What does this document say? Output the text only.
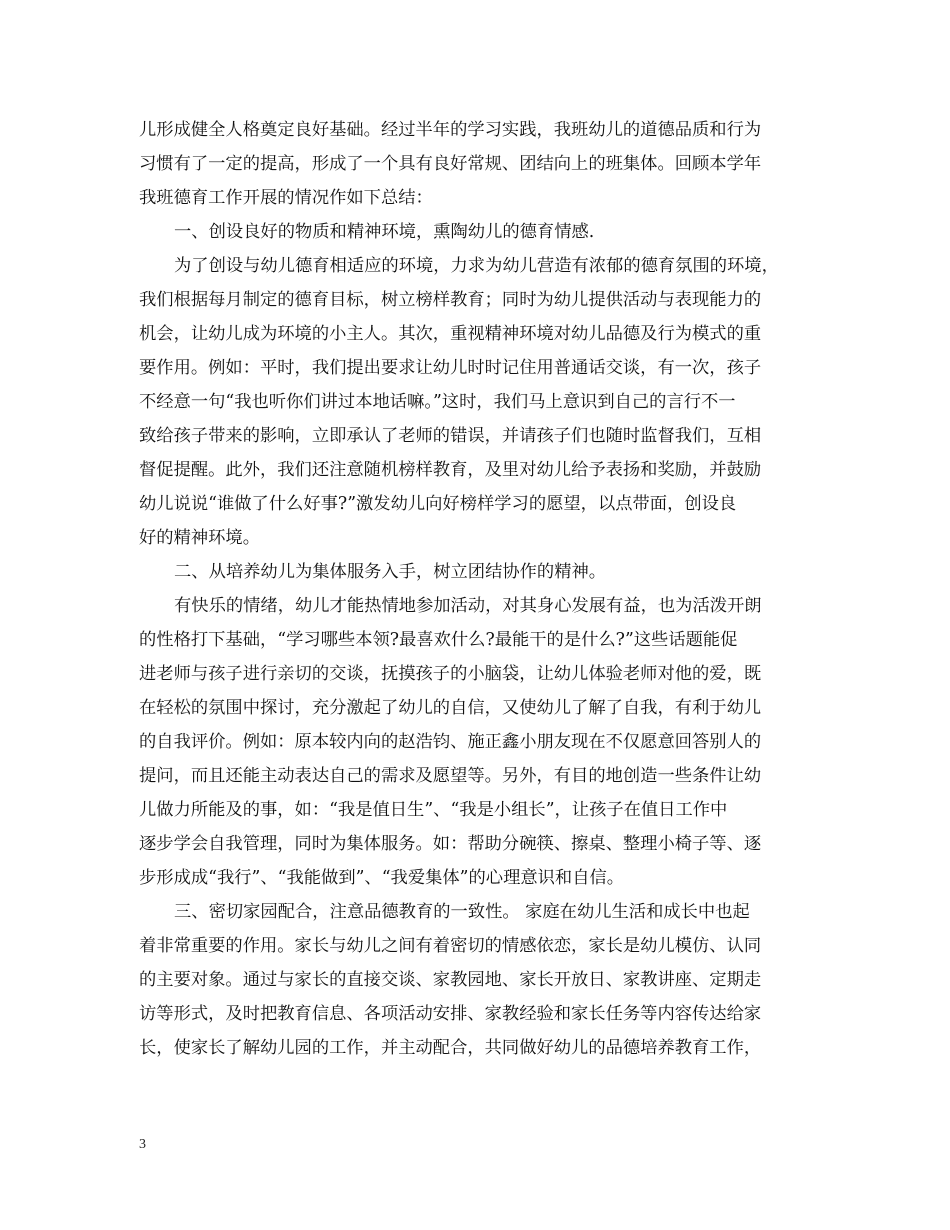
儿形成健全人格奠定良好基础。经过半年的学习实践，我班幼儿的道德品质和行为
习惯有了一定的提高，形成了一个具有良好常规、团结向上的班集体。回顾本学年
我班德育工作开展的情况作如下总结：
一、创设良好的物质和精神环境，熏陶幼儿的德育情感.
为了创设与幼儿德育相适应的环境，力求为幼儿营造有浓郁的德育氛围的环境，
我们根据每月制定的德育目标，树立榜样教育；同时为幼儿提供活动与表现能力的
机会，让幼儿成为环境的小主人。其次，重视精神环境对幼儿品德及行为模式的重
要作用。例如：平时，我们提出要求让幼儿时时记住用普通话交谈，有一次，孩子
不经意一句“我也听你们讲过本地话嘛。”这时，我们马上意识到自己的言行不一
致给孩子带来的影响，立即承认了老师的错误，并请孩子们也随时监督我们，互相
督促提醒。此外，我们还注意随机榜样教育，及里对幼儿给予表扬和奖励，并鼓励
幼儿说说“谁做了什么好事?”激发幼儿向好榜样学习的愿望，以点带面，创设良
好的精神环境。
二、从培养幼儿为集体服务入手，树立团结协作的精神。
有快乐的情绪，幼儿才能热情地参加活动，对其身心发展有益，也为活泼开朗
的性格打下基础，“学习哪些本领?最喜欢什么?最能干的是什么?”这些话题能促
进老师与孩子进行亲切的交谈，抚摸孩子的小脑袋，让幼儿体验老师对他的爱，既
在轻松的氛围中探讨，充分激起了幼儿的自信，又使幼儿了解了自我，有利于幼儿
的自我评价。例如：原本较内向的赵浩钧、施正鑫小朋友现在不仅愿意回答别人的
提问，而且还能主动表达自己的需求及愿望等。另外，有目的地创造一些条件让幼
儿做力所能及的事，如：“我是值日生”、“我是小组长”，让孩子在值日工作中
逐步学会自我管理，同时为集体服务。如：帮助分碗筷、擦桌、整理小椅子等、逐
步形成成“我行”、“我能做到”、“我爱集体”的心理意识和自信。
三、密切家园配合，注意品德教育的一致性。 家庭在幼儿生活和成长中也起
着非常重要的作用。家长与幼儿之间有着密切的情感依恋，家长是幼儿模仿、认同
的主要对象。通过与家长的直接交谈、家教园地、家长开放日、家教讲座、定期走
访等形式，及时把教育信息、各项活动安排、家教经验和家长任务等内容传达给家
长，使家长了解幼儿园的工作，并主动配合，共同做好幼儿的品德培养教育工作，
3
